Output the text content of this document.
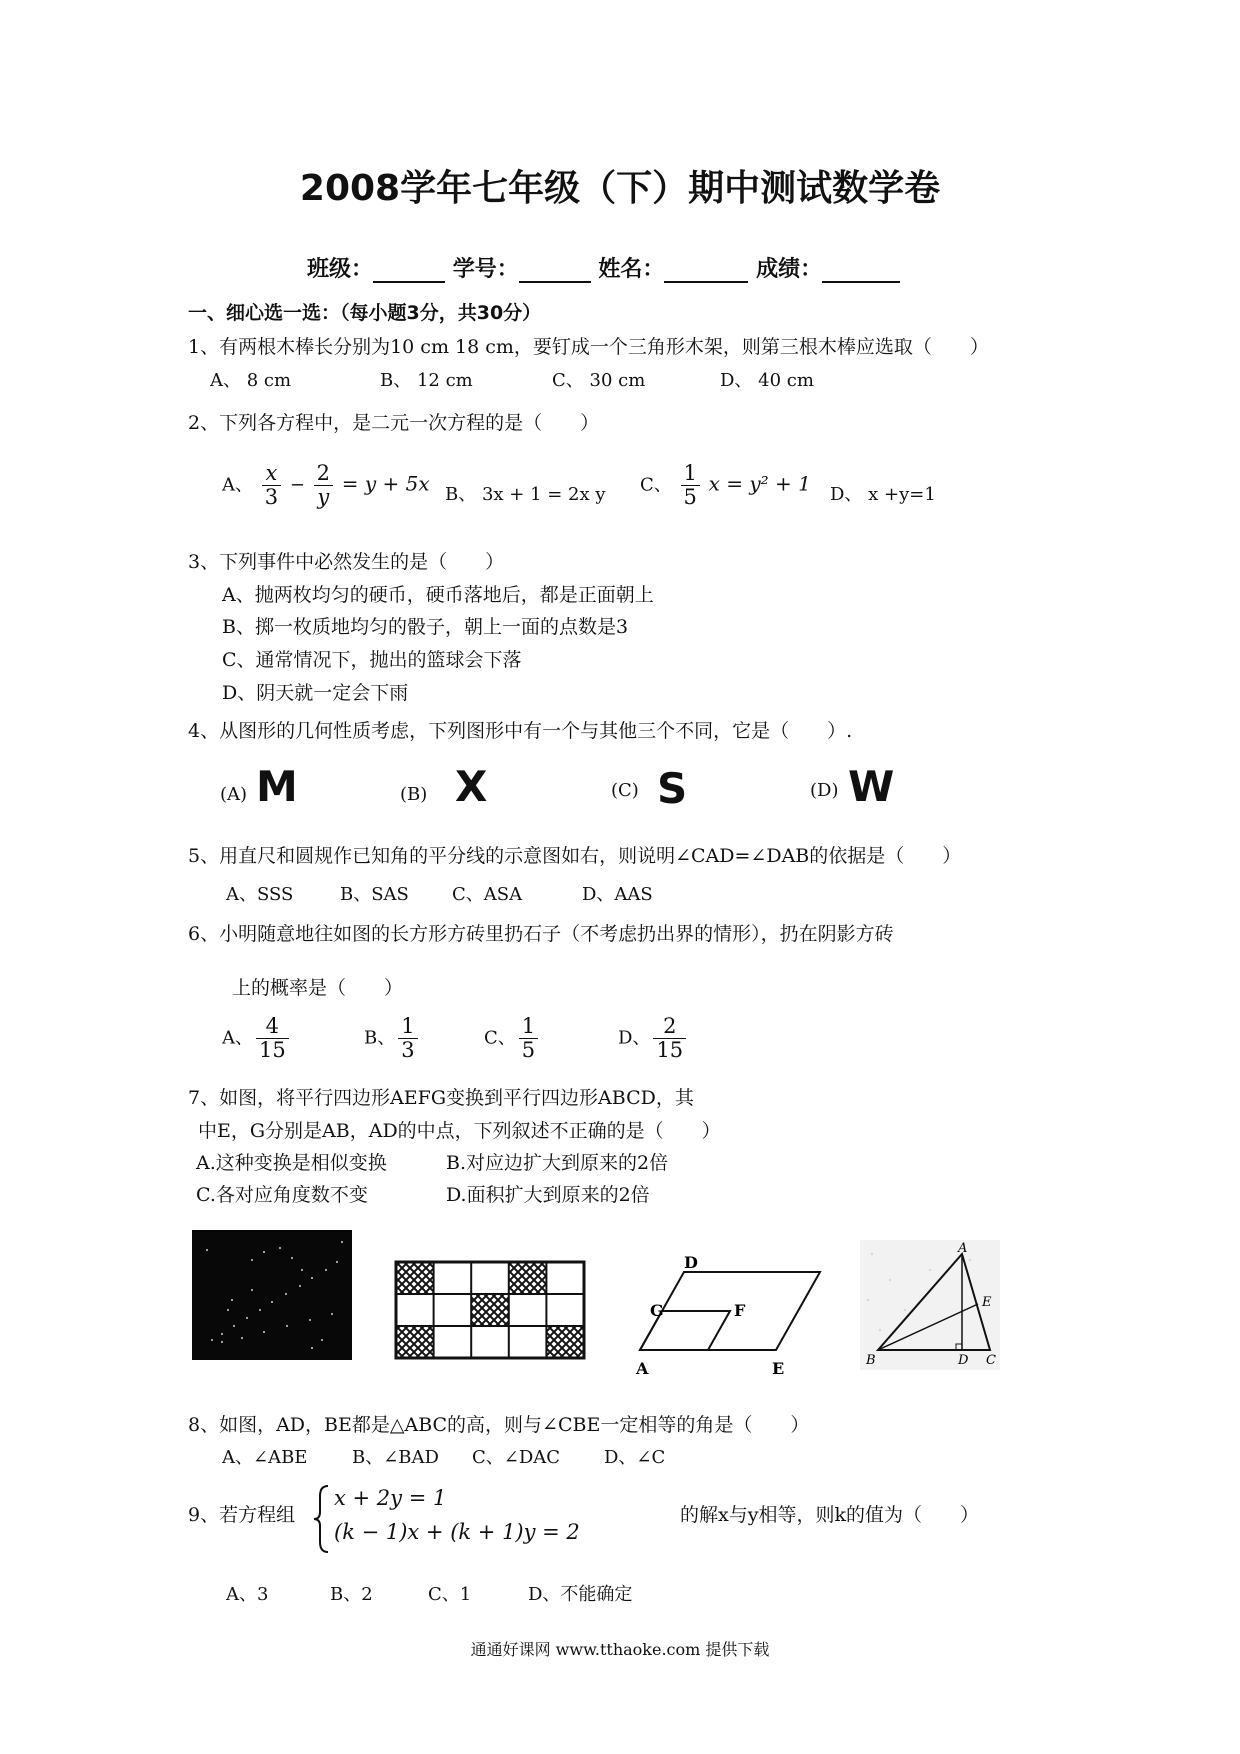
2008学年七年级（下）期中测试数学卷
班级：	学号：	姓名：	成绩：
一、细心选一选：（每小题3分，共30分）
1、有两根木棒长分别为10 cm 18 cm，要钉成一个三角形木架，则第三根木棒应选取（　　）
A、 8 cm	B、 12 cm	C、 30 cm	D、 40 cm
2、下列各方程中，是二元一次方程的是（　　）
A、 $\frac{x}{3} - \frac{2}{y} = y + 5x$ B、 3x + 1 = 2x y C、 $\frac{1}{5}$ x = y² + 1 D、 x +y=1
3、下列事件中必然发生的是（　　）
A、抛两枚均匀的硬币，硬币落地后，都是正面朝上
B、掷一枚质地均匀的骰子，朝上一面的点数是3
C、通常情况下，抛出的篮球会下落
D、阴天就一定会下雨
4、从图形的几何性质考虑，下列图形中有一个与其他三个不同，它是（　　）.
(A) M	(B) X	(C) S	(D) W
5、用直尺和圆规作已知角的平分线的示意图如右，则说明∠CAD=∠DAB的依据是（　　）
A、SSS	B、SAS C、ASA	D、AAS
6、小明随意地往如图的长方形方砖里扔石子（不考虑扔出界的情形），扔在阴影方砖
上的概率是（　　）
A、 $\frac{4}{15}$	B、 $\frac{1}{3}$	C、 $\frac{1}{5}$	D、 $\frac{2}{15}$
7、如图，将平行四边形AEFG变换到平行四边形ABCD，其
中E，G分别是AB，AD的中点，下列叙述不正确的是（　　）
A.这种变换是相似变换	B.对应边扩大到原来的2倍
C.各对应角度数不变	D.面积扩大到原来的2倍
D
G	F
A	E
A
E
B	D C
8、如图，AD，BE都是△ABC的高，则与∠CBE一定相等的角是（　　）
A、∠ABE B、∠BAD C、∠DAC D、∠C
9、若方程组
x + 2y = 1
(k − 1)x + (k + 1)y = 2
的解x与y相等，则k的值为（　　）
A、3	B、2	C、1	D、不能确定
通通好课网 www.tthaoke.com 提供下载
